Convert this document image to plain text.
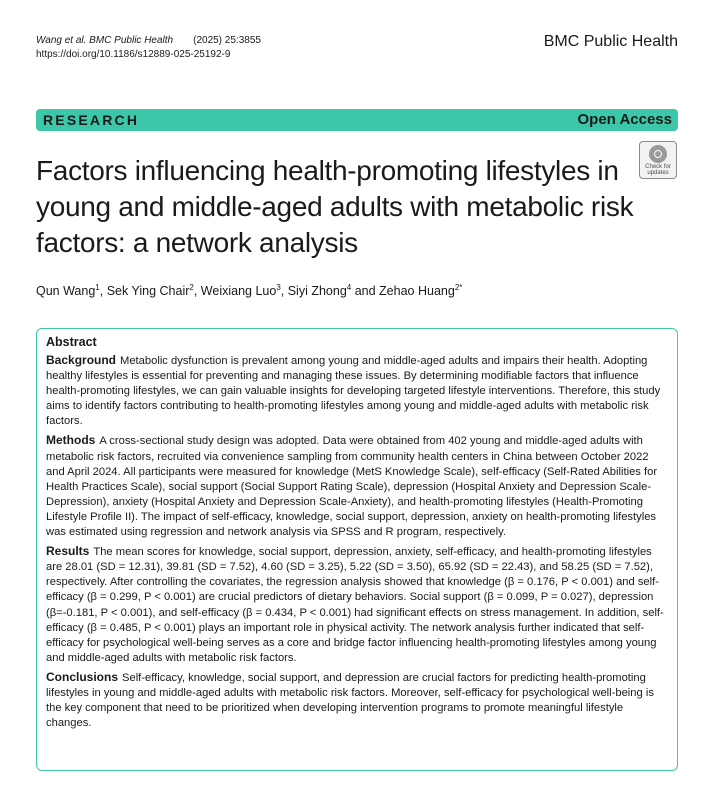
Wang et al. BMC Public Health (2025) 25:3855
https://doi.org/10.1186/s12889-025-25192-9
BMC Public Health
RESEARCH	Open Access
Check for
updates
Factors influencing health-promoting lifestyles in young and middle-aged adults with metabolic risk factors: a network analysis
Qun Wang$^1$, Sek Ying Chair$^2$, Weixiang Luo$^3$, Siyi Zhong$^4$ and Zehao Huang$^{2*}$
Abstract

Background Metabolic dysfunction is prevalent among young and middle-aged adults and impairs their health. Adopting healthy lifestyles is essential for preventing and managing these issues. By determining modifiable factors that influence health-promoting lifestyles, we can gain valuable insights for developing targeted lifestyle interventions. Therefore, this study aims to identify factors contributing to health-promoting lifestyles among young and middle-aged adults with metabolic risk factors.

Methods A cross-sectional study design was adopted. Data were obtained from 402 young and middle-aged adults with metabolic risk factors, recruited via convenience sampling from community health centers in China between October 2022 and April 2024. All participants were measured for knowledge (MetS Knowledge Scale), self-efficacy (Self-Rated Abilities for Health Practices Scale), social support (Social Support Rating Scale), depression (Hospital Anxiety and Depression Scale-Depression), anxiety (Hospital Anxiety and Depression Scale-Anxiety), and health-promoting lifestyles (Health-Promoting Lifestyle Profile II). The impact of self-efficacy, knowledge, social support, depression, anxiety on health-promoting lifestyles was estimated using regression and network analysis via SPSS and R program, respectively.

Results The mean scores for knowledge, social support, depression, anxiety, self-efficacy, and health-promoting lifestyles are 28.01 (SD = 12.31), 39.81 (SD = 7.52), 4.60 (SD = 3.25), 5.22 (SD = 3.50), 65.92 (SD = 22.43), and 58.25 (SD = 7.52), respectively. After controlling the covariates, the regression analysis showed that knowledge (β = 0.176, P < 0.001) and self-efficacy (β = 0.299, P < 0.001) are crucial predictors of dietary behaviors. Social support (β = 0.099, P = 0.027), depression (β=-0.181, P < 0.001), and self-efficacy (β = 0.434, P < 0.001) had significant effects on stress management. In addition, self-efficacy (β = 0.485, P < 0.001) plays an important role in physical activity. The network analysis further indicated that self-efficacy for psychological well-being serves as a core and bridge factor influencing health-promoting lifestyles among young and middle-aged adults with metabolic risk factors.

Conclusions Self-efficacy, knowledge, social support, and depression are crucial factors for predicting health-promoting lifestyles in young and middle-aged adults with metabolic risk factors. Moreover, self-efficacy for psychological well-being is the key component that need to be prioritized when developing intervention programs to promote meaningful lifestyle changes.
